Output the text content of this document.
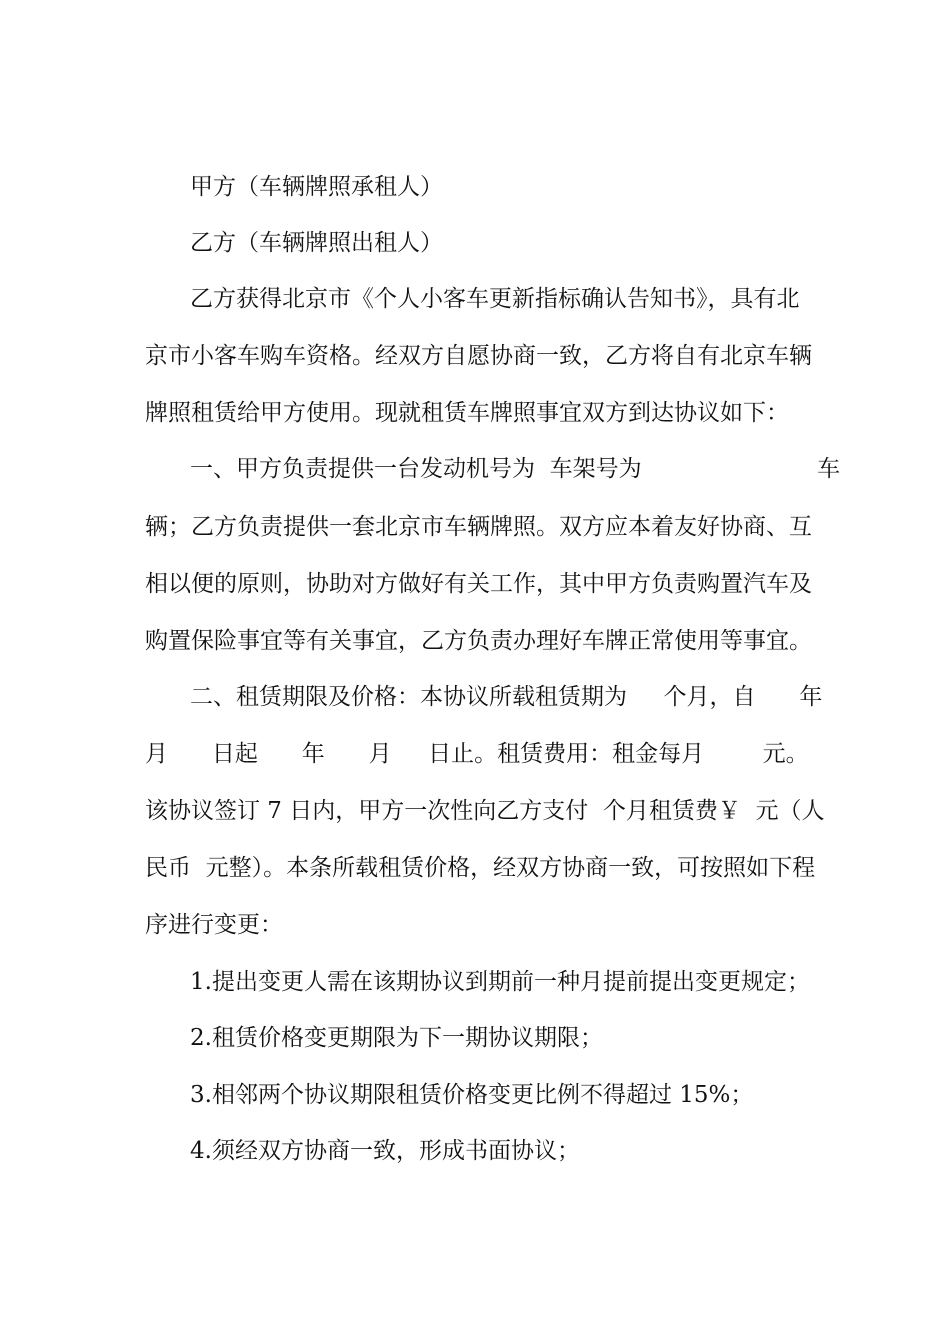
甲方（车辆牌照承租人）
乙方（车辆牌照出租人）
乙方获得北京市《个人小客车更新指标确认告知书》，具有北
京市小客车购车资格。经双方自愿协商一致，乙方将自有北京车辆
牌照租赁给甲方使用。现就租赁车牌照事宜双方到达协议如下：
一、甲方负责提供一台发动机号为  车架号为                        车
辆；乙方负责提供一套北京市车辆牌照。双方应本着友好协商、互
相以便的原则，协助对方做好有关工作，其中甲方负责购置汽车及
购置保险事宜等有关事宜，乙方负责办理好车牌正常使用等事宜。
二、租赁期限及价格：本协议所载租赁期为     个月，自      年
月      日起      年      月     日止。租赁费用：租金每月        元。
该协议签订 7 日内，甲方一次性向乙方支付  个月租赁费￥  元（人
民币  元整）。本条所载租赁价格，经双方协商一致，可按照如下程
序进行变更：
1.提出变更人需在该期协议到期前一种月提前提出变更规定；
2.租赁价格变更期限为下一期协议期限；
3.相邻两个协议期限租赁价格变更比例不得超过 15%；
4.须经双方协商一致，形成书面协议；
